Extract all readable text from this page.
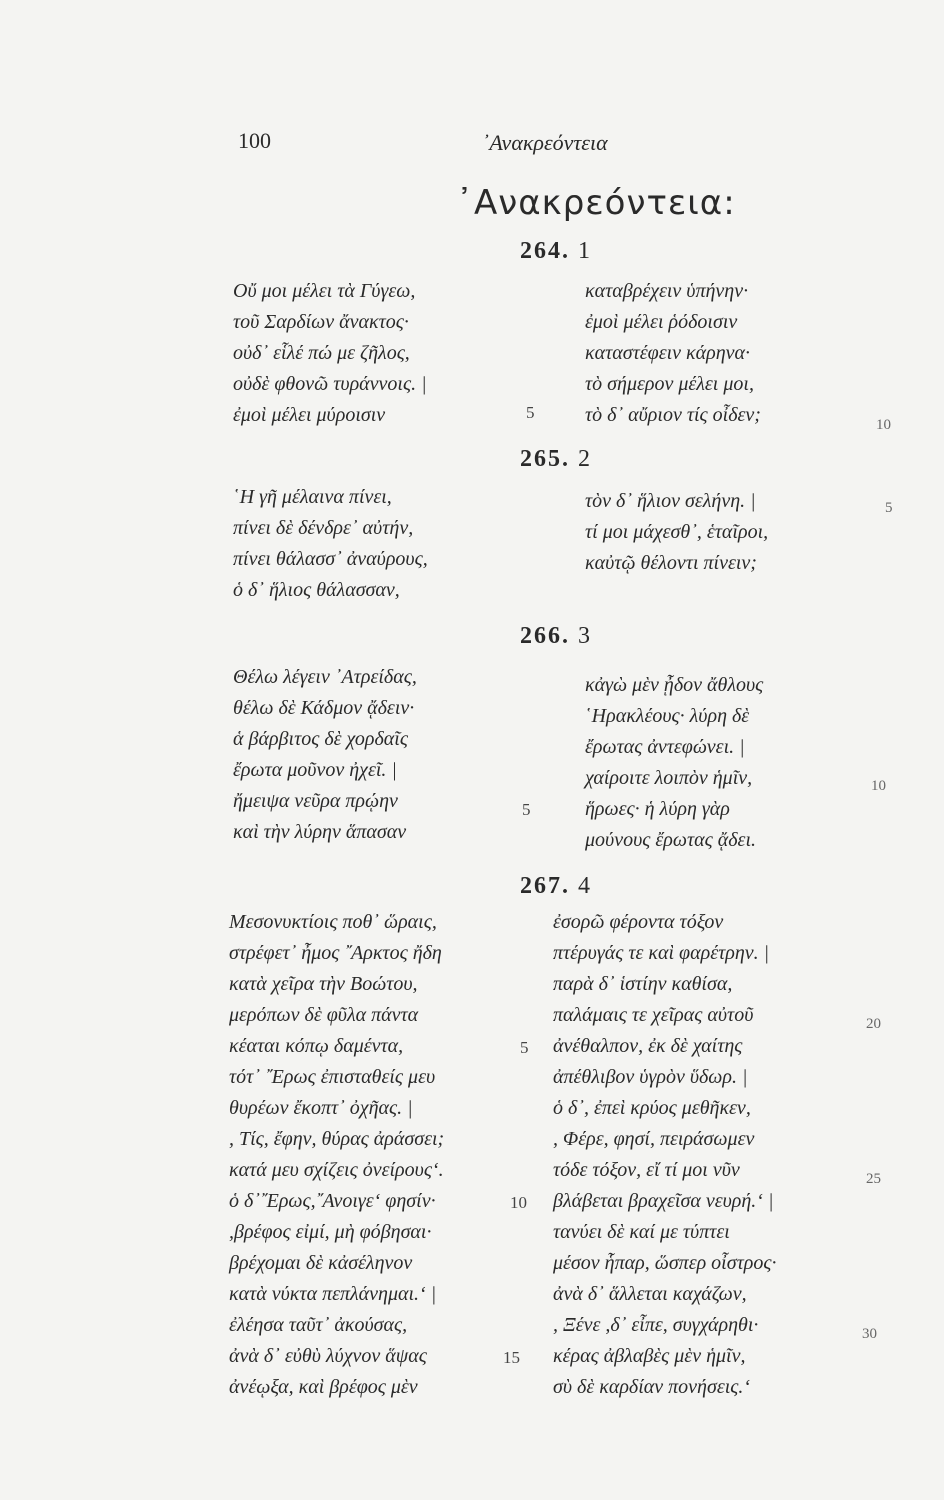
100	᾿Ανακρεόντεια
᾿Ανακρεόντεια:
264. 1
Οὔ μοι μέλει τὰ Γύγεω,
τοῦ Σαρδίων ἄνακτος·
οὐδ᾽ εἷλέ πώ με ζῆλος,
οὐδὲ φθονῶ τυράννοις. |
ἐμοὶ μέλει μύροισιν	5
καταβρέχειν ὑπήνην·
ἐμοὶ μέλει ῥόδοισιν
καταστέφειν κάρηνα·
τὸ σήμερον μέλει μοι,
τὸ δ᾽ αὔριον τίς οἶδεν;	10
265. 2
῾Η γῆ μέλαινα πίνει,
πίνει δὲ δένδρε᾽ αὐτήν,
πίνει θάλασσ᾽ ἀναύρους,
ὁ δ᾽ ἥλιος θάλασσαν,
τὸν δ᾽ ἥλιον σελήνη. |
τί μοι μάχεσθ᾽, ἑταῖροι,
καὐτῷ θέλοντι πίνειν;
5
266. 3
Θέλω λέγειν ᾿Ατρείδας,
θέλω δὲ Κάδμον ᾄδειν·
ἁ βάρβιτος δὲ χορδαῖς
ἔρωτα μοῦνον ἠχεῖ. |
ἤμειψα νεῦρα πρῴην
καὶ τὴν λύρην ἅπασαν
5
κἀγὼ μὲν ᾖδον ἄθλους
῾Ηρακλέους· λύρη δὲ
ἔρωτας ἀντεφώνει. |
χαίροιτε λοιπὸν ἡμῖν,
ἥρωες· ἡ λύρη γὰρ
μούνους ἔρωτας ᾄδει.
10
267. 4
Μεσονυκτίοις ποθ᾽ ὥραις,
στρέφετ᾽ ἦμος ῎Αρκτος ἤδη
κατὰ χεῖρα τὴν Βοώτου,
μερόπων δὲ φῦλα πάντα
κέαται κόπῳ δαμέντα,
τότ᾽ ῎Ερως ἐπισταθείς μευ
θυρέων ἔκοπτ᾽ ὀχῆας. |
, Τίς, ἔφην, θύρας ἀράσσει;
κατά μευ σχίζεις ὀνείρους‘.
ὁ δ᾽῎Ερως,῎Ανοιγε‘ φησίν·
,βρέφος εἰμί, μὴ φόβησαι·
βρέχομαι δὲ κἀσέληνον
κατὰ νύκτα πεπλάνημαι.‘ |
ἐλέησα ταῦτ᾽ ἀκούσας,
ἀνὰ δ᾽ εὐθὺ λύχνον ἅψας
ἀνέῳξα, καὶ βρέφος μὲν
5
10
15
ἐσορῶ φέροντα τόξον
πτέρυγάς τε καὶ φαρέτρην. |
παρὰ δ᾽ ἱστίην καθίσα,
παλάμαις τε χεῖρας αὐτοῦ
ἀνέθαλπον, ἐκ δὲ χαίτης
ἀπέθλιβον ὑγρὸν ὕδωρ. |
ὁ δ᾽, ἐπεὶ κρύος μεθῆκεν,
, Φέρε, φησί, πειράσωμεν
τόδε τόξον, εἴ τί μοι νῦν
βλάβεται βραχεῖσα νευρή.‘ |
τανύει δὲ καί με τύπτει
μέσον ἧπαρ, ὥσπερ οἶστρος·
ἀνὰ δ᾽ ἅλλεται καχάζων,
, Ξένε ,δ᾽ εἶπε, συγχάρηθι·
κέρας ἀβλαβὲς μὲν ἡμῖν,
σὺ δὲ καρδίαν πονήσεις.‘
20
25
30
